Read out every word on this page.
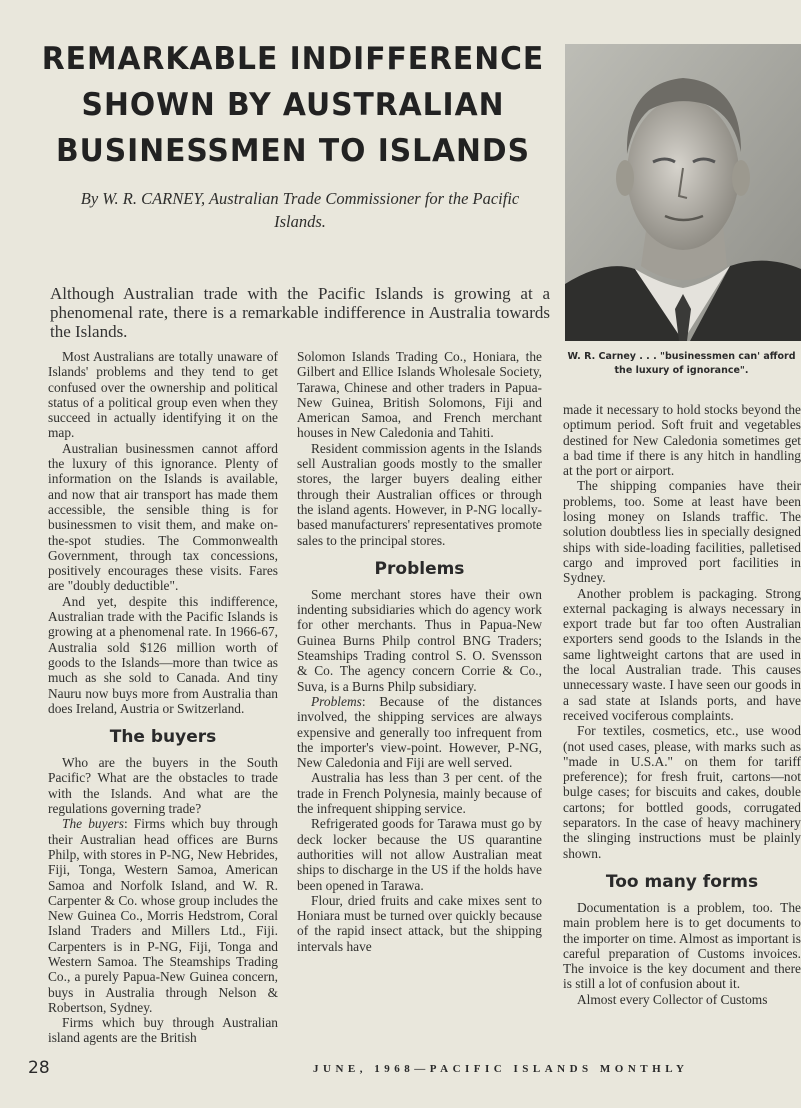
REMARKABLE INDIFFERENCE
SHOWN BY AUSTRALIAN
BUSINESSMEN TO ISLANDS
By W. R. CARNEY, Australian Trade Commissioner for the Pacific Islands.
Although Australian trade with the Pacific Islands is growing at a phenomenal rate, there is a remarkable indifference in Australia towards the Islands.
W. R. Carney . . . "businessmen can' afford the luxury of ignorance".

Most Australians are totally unaware of Islands' problems and they tend to get confused over the ownership and political status of a political group even when they succeed in actually identifying it on the map.

Australian businessmen cannot afford the luxury of this ignorance. Plenty of information on the Islands is available, and now that air transport has made them accessible, the sensible thing is for businessmen to visit them, and make on-the-spot studies. The Commonwealth Government, through tax concessions, positively encourages these visits. Fares are "doubly deductible".

And yet, despite this indifference, Australian trade with the Pacific Islands is growing at a phenomenal rate. In 1966-67, Australia sold $126 million worth of goods to the Islands—more than twice as much as she sold to Canada. And tiny Nauru now buys more from Australia than does Ireland, Austria or Switzerland.

The buyers

Who are the buyers in the South Pacific? What are the obstacles to trade with the Islands. And what are the regulations governing trade?

The buyers: Firms which buy through their Australian head offices are Burns Philp, with stores in P-NG, New Hebrides, Fiji, Tonga, Western Samoa, American Samoa and Norfolk Island, and W. R. Carpenter & Co. whose group includes the New Guinea Co., Morris Hedstrom, Coral Island Traders and Millers Ltd., Fiji. Carpenters is in P-NG, Fiji, Tonga and Western Samoa. The Steamships Trading Co., a purely Papua-New Guinea concern, buys in Australia through Nelson & Robertson, Sydney.

Firms which buy through Australian island agents are the British

Solomon Islands Trading Co., Honiara, the Gilbert and Ellice Islands Wholesale Society, Tarawa, Chinese and other traders in Papua-New Guinea, British Solomons, Fiji and American Samoa, and French merchant houses in New Caledonia and Tahiti.

Resident commission agents in the Islands sell Australian goods mostly to the smaller stores, the larger buyers dealing either through their Australian offices or through the island agents. However, in P-NG locally-based manufacturers' representatives promote sales to the principal stores.

Problems

Some merchant stores have their own indenting subsidiaries which do agency work for other merchants. Thus in Papua-New Guinea Burns Philp control BNG Traders; Steamships Trading control S. O. Svensson & Co. The agency concern Corrie & Co., Suva, is a Burns Philp subsidiary.

Problems: Because of the distances involved, the shipping services are always expensive and generally too infrequent from the importer's view-point. However, P-NG, New Caledonia and Fiji are well served.

Australia has less than 3 per cent. of the trade in French Polynesia, mainly because of the infrequent shipping service.

Refrigerated goods for Tarawa must go by deck locker because the US quarantine authorities will not allow Australian meat ships to discharge in the US if the holds have been opened in Tarawa.

Flour, dried fruits and cake mixes sent to Honiara must be turned over quickly because of the rapid insect attack, but the shipping intervals have

made it necessary to hold stocks beyond the optimum period. Soft fruit and vegetables destined for New Caledonia sometimes get a bad time if there is any hitch in handling at the port or airport.

The shipping companies have their problems, too. Some at least have been losing money on Islands traffic. The solution doubtless lies in specially designed ships with side-loading facilities, palletised cargo and improved port facilities in Sydney.

Another problem is packaging. Strong external packaging is always necessary in export trade but far too often Australian exporters send goods to the Islands in the same lightweight cartons that are used in the local Australian trade. This causes unnecessary waste. I have seen our goods in a sad state at Islands ports, and have received vociferous complaints.

For textiles, cosmetics, etc., use wood (not used cases, please, with marks such as "made in U.S.A." on them for tariff preference); for fresh fruit, cartons—not bulge cases; for biscuits and cakes, double cartons; for bottled goods, corrugated separators. In the case of heavy machinery the slinging instructions must be plainly shown.

Too many forms

Documentation is a problem, too. The main problem here is to get documents to the importer on time. Almost as important is careful preparation of Customs invoices. The invoice is the key document and there is still a lot of confusion about it.

Almost every Collector of Customs

28	JUNE, 1968—PACIFIC ISLANDS MONTHLY
